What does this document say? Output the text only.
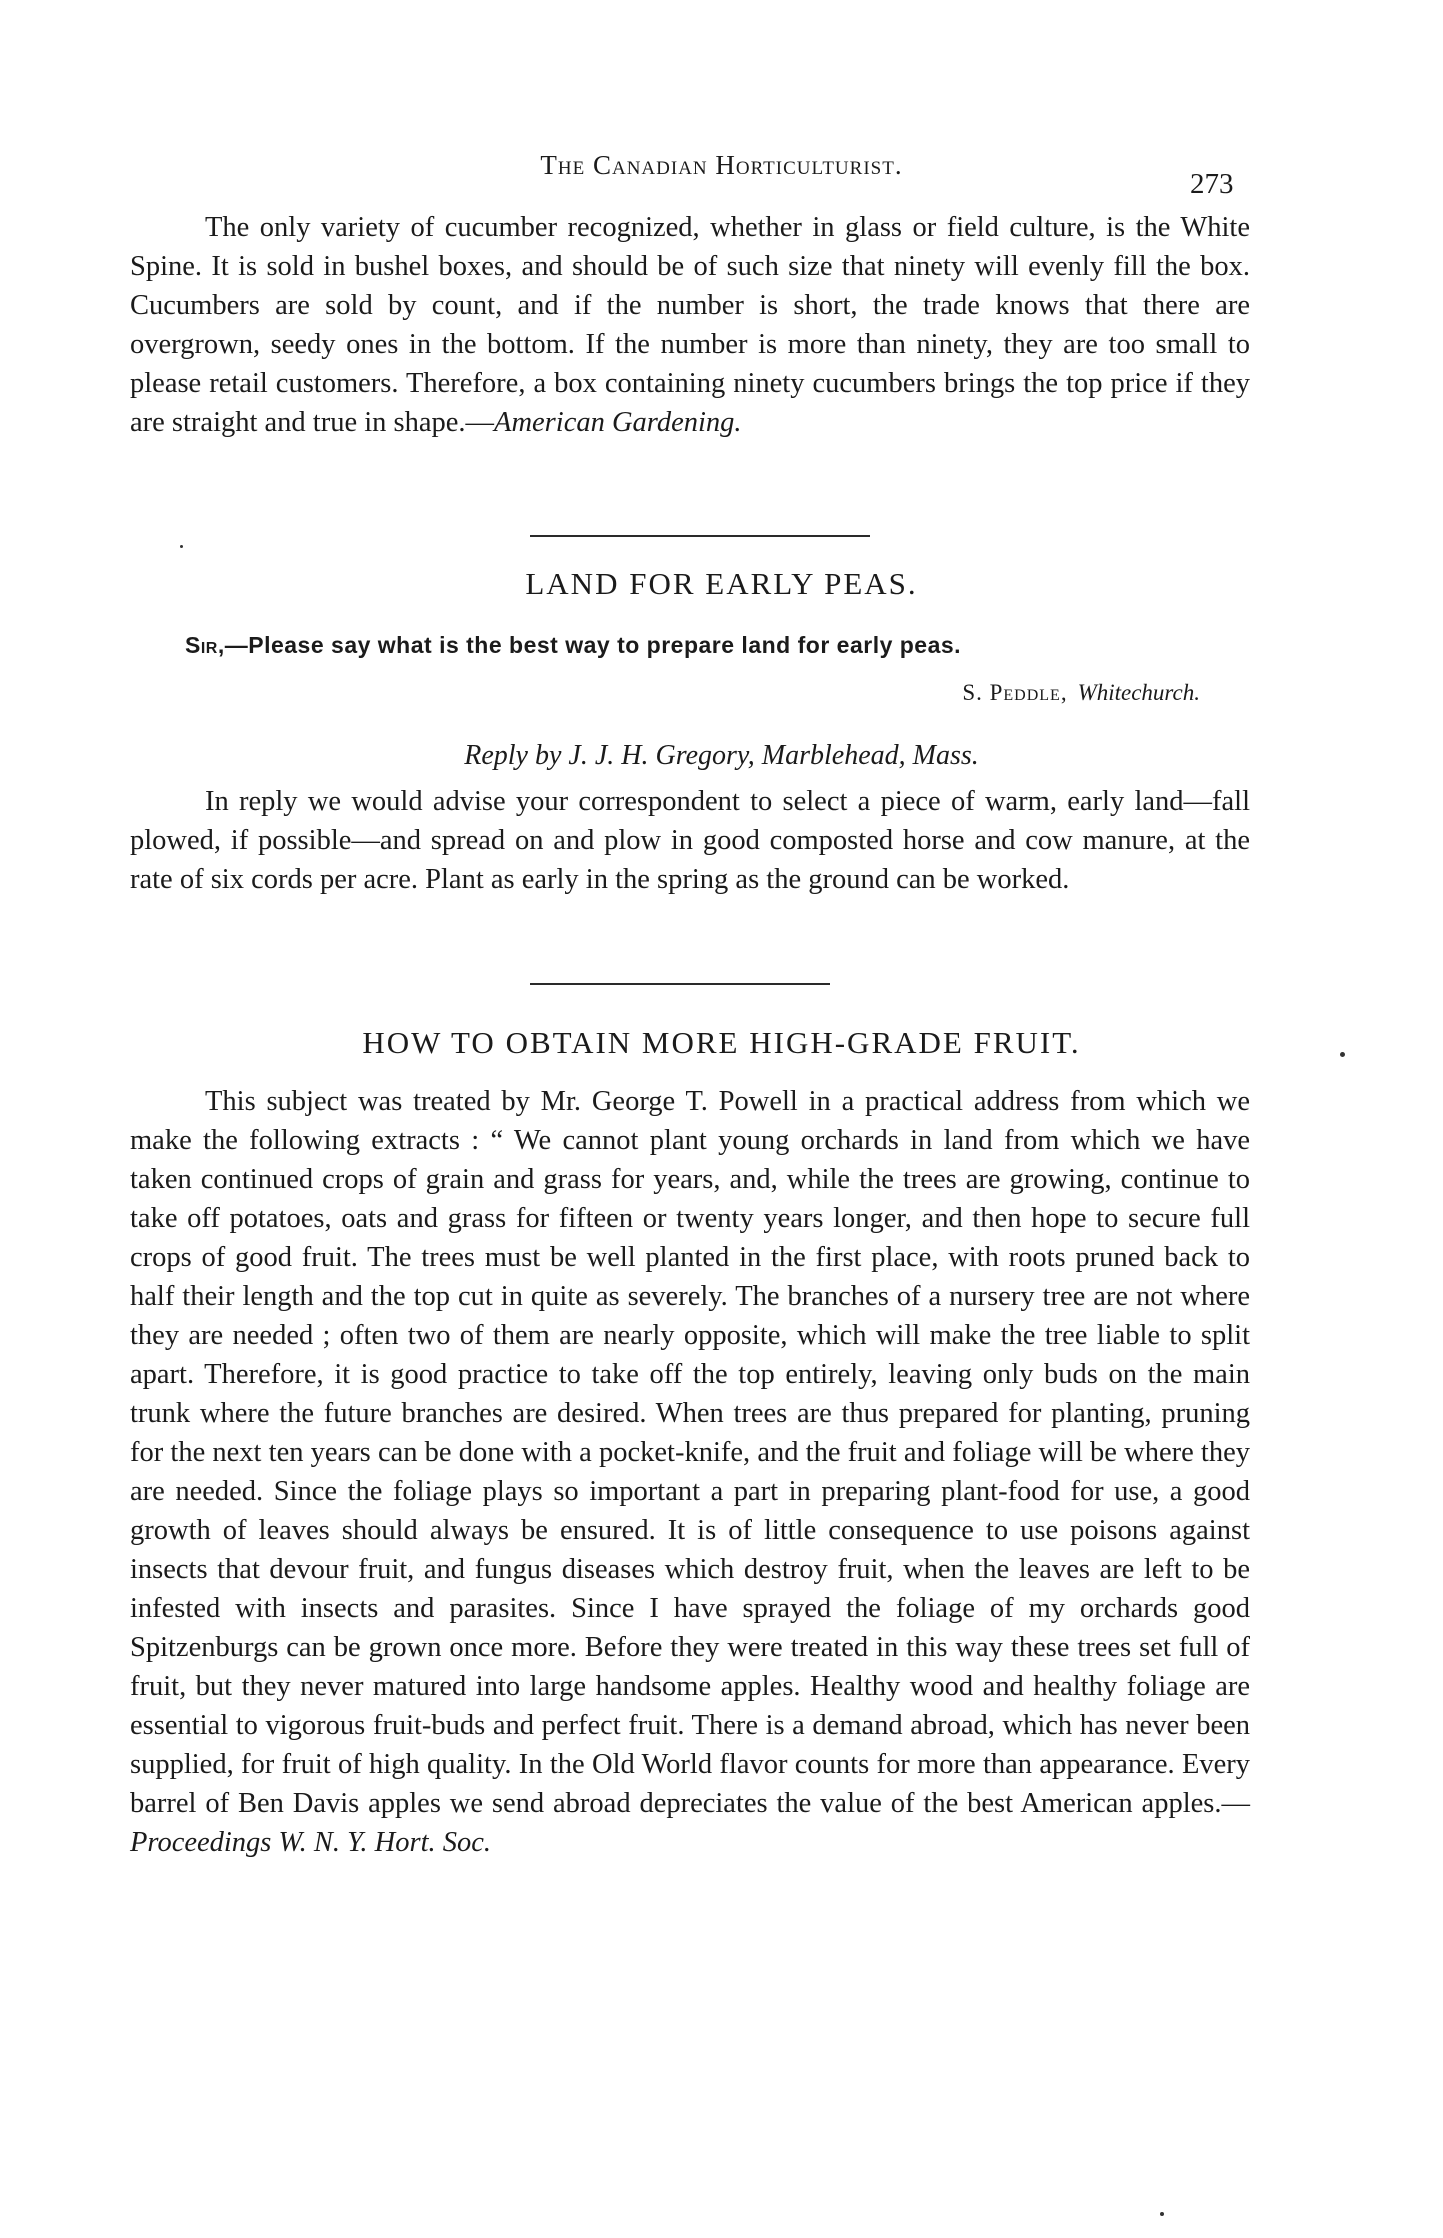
The Canadian Horticulturist.
273

The only variety of cucumber recognized, whether in glass or field culture, is the White Spine. It is sold in bushel boxes, and should be of such size that ninety will evenly fill the box. Cucumbers are sold by count, and if the number is short, the trade knows that there are overgrown, seedy ones in the bottom. If the number is more than ninety, they are too small to please retail customers. Therefore, a box containing ninety cucumbers brings the top price if they are straight and true in shape.—American Gardening.

LAND FOR EARLY PEAS.
Sir,—Please say what is the best way to prepare land for early peas.
S. Peddle, Whitechurch.
Reply by J. J. H. Gregory, Marblehead, Mass.

In reply we would advise your correspondent to select a piece of warm, early land—fall plowed, if possible—and spread on and plow in good composted horse and cow manure, at the rate of six cords per acre. Plant as early in the spring as the ground can be worked.

HOW TO OBTAIN MORE HIGH-GRADE FRUIT.

This subject was treated by Mr. George T. Powell in a practical address from which we make the following extracts : “ We cannot plant young orchards in land from which we have taken continued crops of grain and grass for years, and, while the trees are growing, continue to take off potatoes, oats and grass for fifteen or twenty years longer, and then hope to secure full crops of good fruit. The trees must be well planted in the first place, with roots pruned back to half their length and the top cut in quite as severely. The branches of a nursery tree are not where they are needed ; often two of them are nearly opposite, which will make the tree liable to split apart. Therefore, it is good practice to take off the top entirely, leaving only buds on the main trunk where the future branches are desired. When trees are thus prepared for planting, pruning for the next ten years can be done with a pocket-knife, and the fruit and foliage will be where they are needed. Since the foliage plays so important a part in preparing plant-food for use, a good growth of leaves should always be ensured. It is of little consequence to use poisons against insects that devour fruit, and fungus diseases which destroy fruit, when the leaves are left to be infested with insects and parasites. Since I have sprayed the foliage of my orchards good Spitzenburgs can be grown once more. Before they were treated in this way these trees set full of fruit, but they never matured into large handsome apples. Healthy wood and healthy foliage are essential to vigorous fruit-buds and perfect fruit. There is a demand abroad, which has never been supplied, for fruit of high quality. In the Old World flavor counts for more than appearance. Every barrel of Ben Davis apples we send abroad depreciates the value of the best American apples.—Proceedings W. N. Y. Hort. Soc.
